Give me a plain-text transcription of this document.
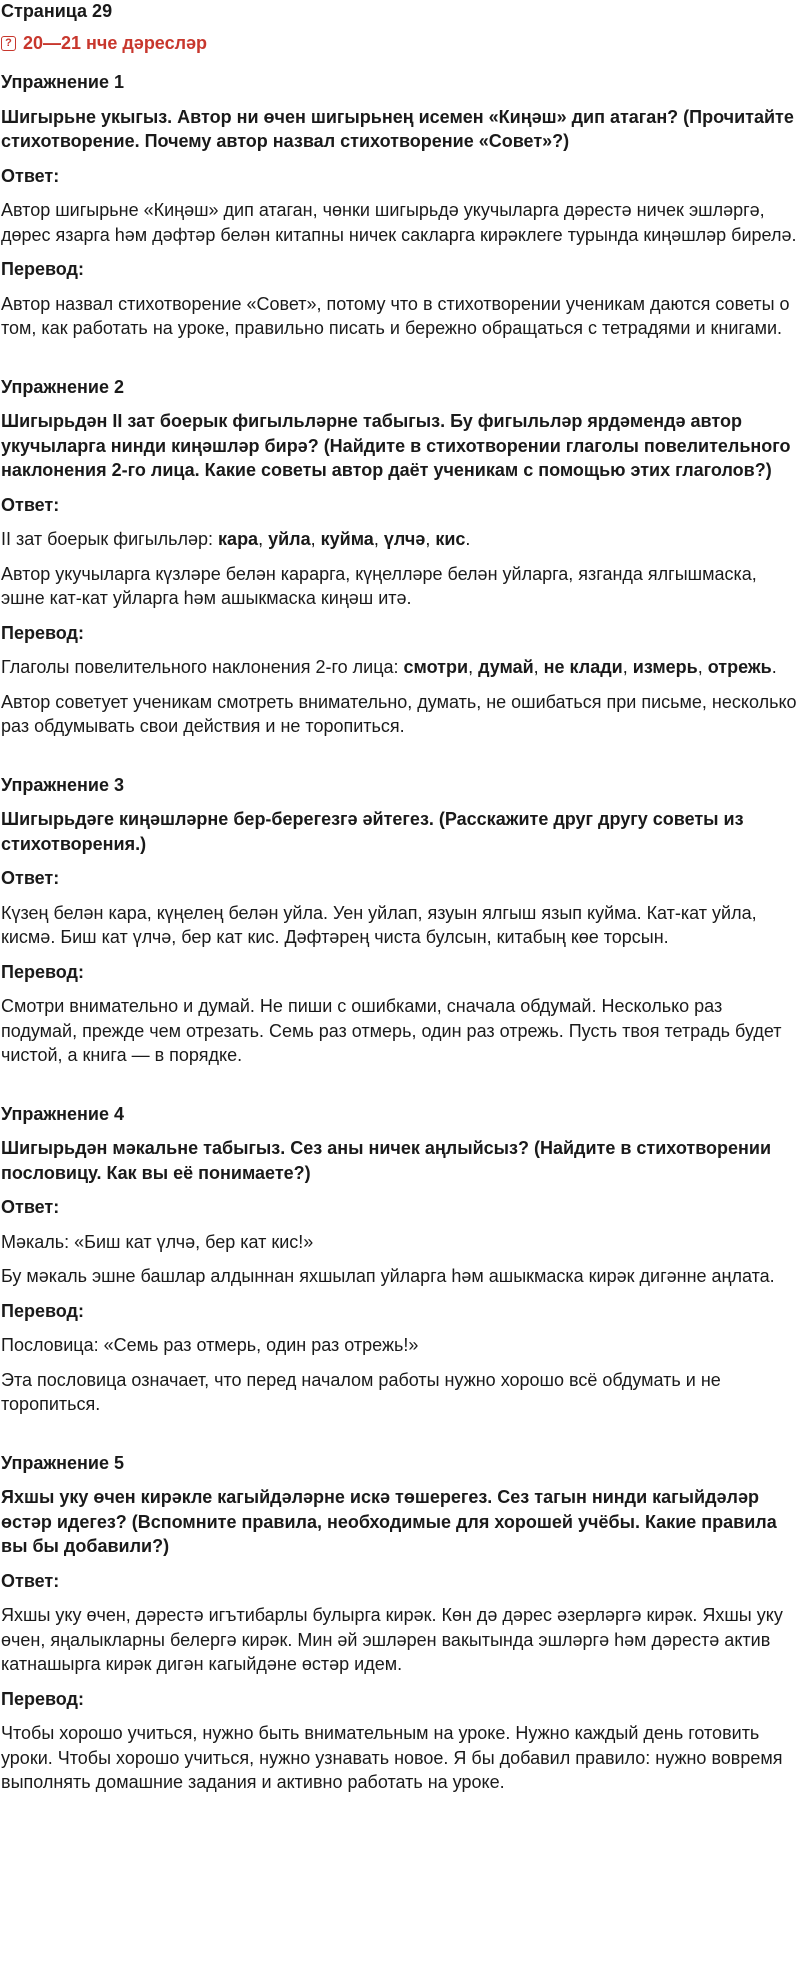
Страница 29
? 20—21 нче дәресләр

Упражнение 1

Шигырьне укыгыз. Автор ни өчен шигырьнең исемен «Киңәш» дип атаган? (Прочитайте стихотворение. Почему автор назвал стихотворение «Совет»?)

Ответ:

Автор шигырьне «Киңәш» дип атаган, чөнки шигырьдә укучыларга дәрестә ничек эшләргә, дөрес язарга һәм дәфтәр белән китапны ничек сакларга кирәклеге турында киңәшләр бирелә.

Перевод:

Автор назвал стихотворение «Совет», потому что в стихотворении ученикам даются советы о том, как работать на уроке, правильно писать и бережно обращаться с тетрадями и книгами.

Упражнение 2

Шигырьдән II зат боерык фигыльләрне табыгыз. Бу фигыльләр ярдәмендә автор укучыларга нинди киңәшләр бирә? (Найдите в стихотворении глаголы повелительного наклонения 2-го лица. Какие советы автор даёт ученикам с помощью этих глаголов?)

Ответ:

II зат боерык фигыльләр: кара, уйла, куйма, үлчә, кис.

Автор укучыларга күзләре белән карарга, күңелләре белән уйларга, язганда ялгышмаска, эшне кат-кат уйларга һәм ашыкмаска киңәш итә.

Перевод:

Глаголы повелительного наклонения 2-го лица: смотри, думай, не клади, измерь, отрежь.

Автор советует ученикам смотреть внимательно, думать, не ошибаться при письме, несколько раз обдумывать свои действия и не торопиться.

Упражнение 3

Шигырьдәге киңәшләрне бер-берегезгә әйтегез. (Расскажите друг другу советы из стихотворения.)

Ответ:

Күзең белән кара, күңелең белән уйла. Уен уйлап, язуын ялгыш язып куйма. Кат-кат уйла, кисмә. Биш кат үлчә, бер кат кис. Дәфтәрең чиста булсын, китабың көе торсын.

Перевод:

Смотри внимательно и думай. Не пиши с ошибками, сначала обдумай. Несколько раз подумай, прежде чем отрезать. Семь раз отмерь, один раз отрежь. Пусть твоя тетрадь будет чистой, а книга — в порядке.

Упражнение 4

Шигырьдән мәкальне табыгыз. Сез аны ничек аңлыйсыз? (Найдите в стихотворении пословицу. Как вы её понимаете?)

Ответ:

Мәкаль: «Биш кат үлчә, бер кат кис!»

Бу мәкаль эшне башлар алдыннан яхшылап уйларга һәм ашыкмаска кирәк дигәнне аңлата.

Перевод:

Пословица: «Семь раз отмерь, один раз отрежь!»

Эта пословица означает, что перед началом работы нужно хорошо всё обдумать и не торопиться.

Упражнение 5

Яхшы уку өчен кирәкле кагыйдәләрне искә төшерегез. Сез тагын нинди кагыйдәләр өстәр идегез? (Вспомните правила, необходимые для хорошей учёбы. Какие правила вы бы добавили?)

Ответ:

Яхшы уку өчен, дәрестә игътибарлы булырга кирәк. Көн дә дәрес әзерләргә кирәк. Яхшы уку өчен, яңалыкларны белергә кирәк. Мин әй эшләрен вакытында эшләргә һәм дәрестә актив катнашырга кирәк дигән кагыйдәне өстәр идем.

Перевод:

Чтобы хорошо учиться, нужно быть внимательным на уроке. Нужно каждый день готовить уроки. Чтобы хорошо учиться, нужно узнавать новое. Я бы добавил правило: нужно вовремя выполнять домашние задания и активно работать на уроке.
